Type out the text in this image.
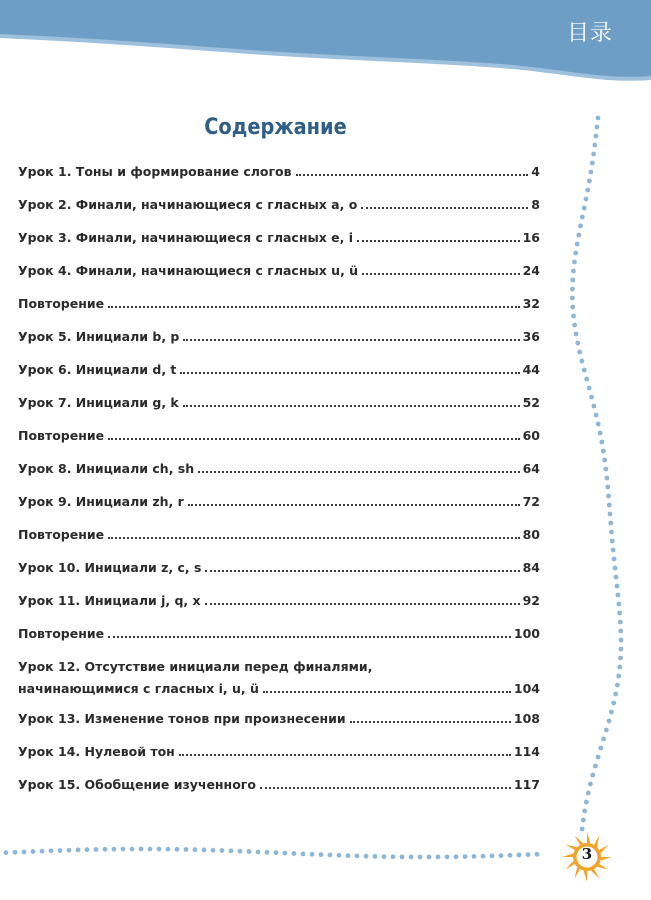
目录
Содержание
Урок 1. Тоны и формирование слогов	4
Урок 2. Финали, начинающиеся с гласных a, o	8
Урок 3. Финали, начинающиеся с гласных e, i	16
Урок 4. Финали, начинающиеся с гласных u, ü	24
Повторение	32
Урок 5. Инициали b, p	36
Урок 6. Инициали d, t	44
Урок 7. Инициали g, k	52
Повторение	60
Урок 8. Инициали ch, sh	64
Урок 9. Инициали zh, r	72
Повторение	80
Урок 10. Инициали z, c, s	84
Урок 11. Инициали j, q, x	92
Повторение	100
Урок 12. Отсутствие инициали перед финалями,
начинающимися с гласных i, u, ü	104
Урок 13. Изменение тонов при произнесении	108
Урок 14. Нулевой тон	114
Урок 15. Обобщение изученного	117
3
